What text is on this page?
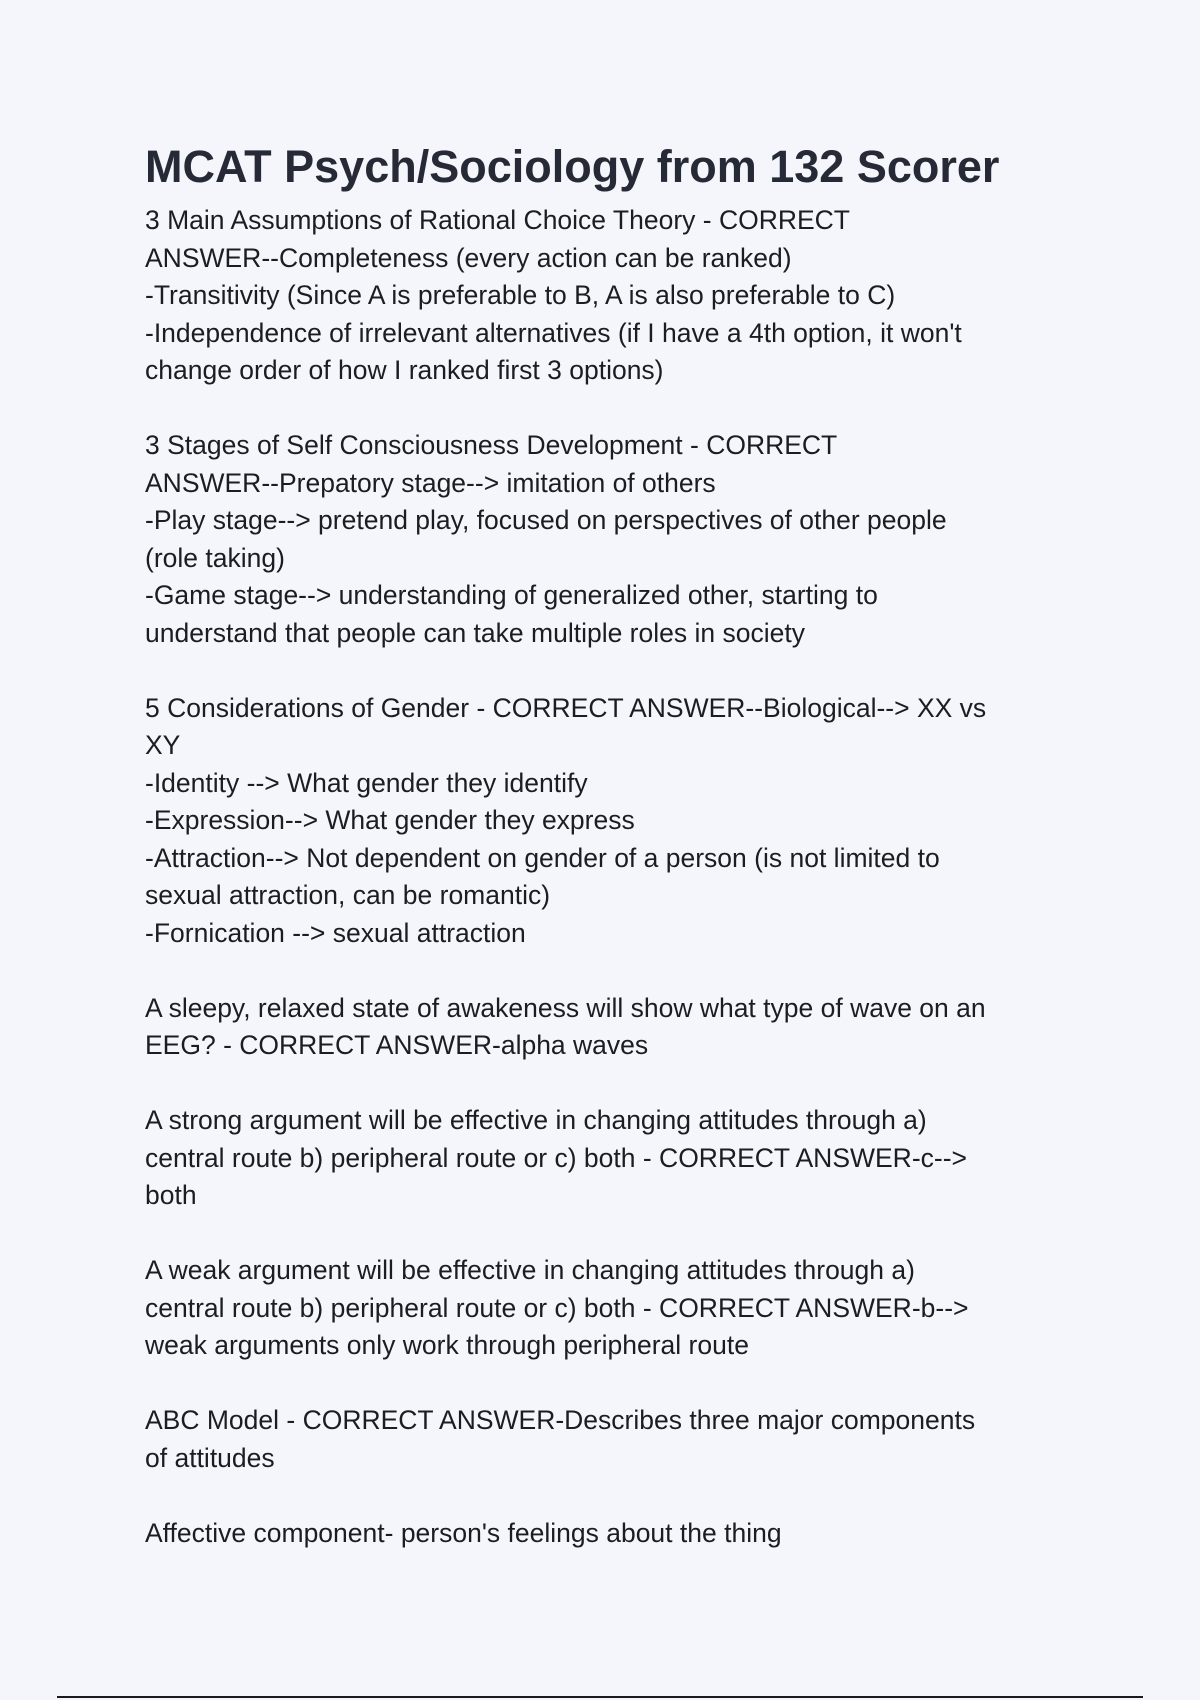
MCAT Psych/Sociology from 132 Scorer
3 Main Assumptions of Rational Choice Theory - CORRECT
ANSWER--Completeness (every action can be ranked)
-Transitivity (Since A is preferable to B, A is also preferable to C)
-Independence of irrelevant alternatives (if I have a 4th option, it won't
change order of how I ranked first 3 options)
3 Stages of Self Consciousness Development - CORRECT
ANSWER--Prepatory stage--> imitation of others
-Play stage--> pretend play, focused on perspectives of other people
(role taking)
-Game stage--> understanding of generalized other, starting to
understand that people can take multiple roles in society
5 Considerations of Gender - CORRECT ANSWER--Biological--> XX vs
XY
-Identity --> What gender they identify
-Expression--> What gender they express
-Attraction--> Not dependent on gender of a person (is not limited to
sexual attraction, can be romantic)
-Fornication --> sexual attraction
A sleepy, relaxed state of awakeness will show what type of wave on an
EEG? - CORRECT ANSWER-alpha waves
A strong argument will be effective in changing attitudes through a)
central route b) peripheral route or c) both - CORRECT ANSWER-c-->
both
A weak argument will be effective in changing attitudes through a)
central route b) peripheral route or c) both - CORRECT ANSWER-b-->
weak arguments only work through peripheral route
ABC Model - CORRECT ANSWER-Describes three major components
of attitudes
Affective component- person's feelings about the thing
